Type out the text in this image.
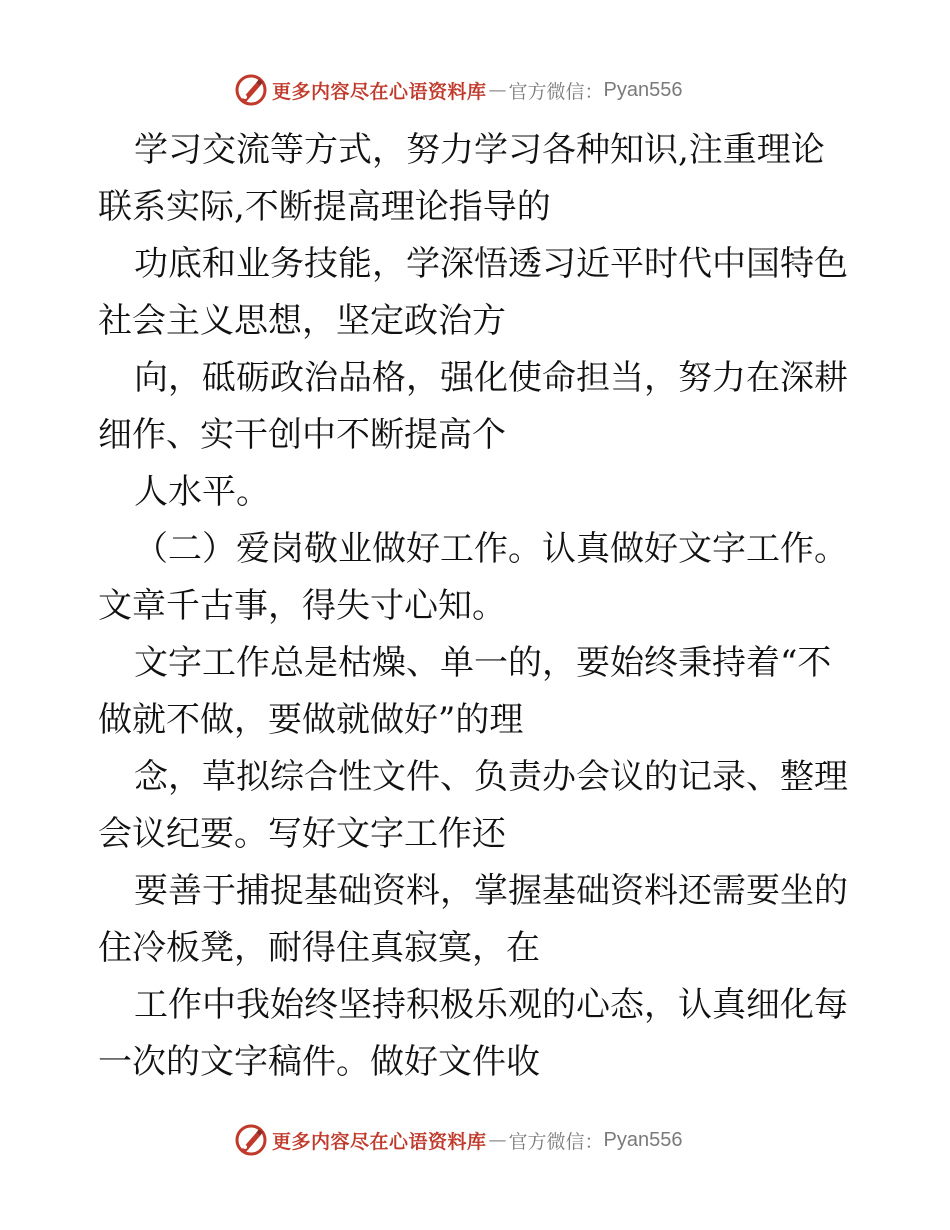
更多内容尽在心语资料库 — 官方微信： Pyan556
学习交流等方式，努力学习各种知识,注重理论
联系实际,不断提高理论指导的
功底和业务技能，学深悟透习近平时代中国特色
社会主义思想，坚定政治方
向，砥砺政治品格，强化使命担当，努力在深耕
细作、实干创中不断提高个
人水平。
（二）爱岗敬业做好工作。认真做好文字工作。
文章千古事，得失寸心知。
文字工作总是枯燥、单一的，要始终秉持着“不
做就不做，要做就做好”的理
念，草拟综合性文件、负责办会议的记录、整理
会议纪要。写好文字工作还
要善于捕捉基础资料，掌握基础资料还需要坐的
住冷板凳，耐得住真寂寞，在
工作中我始终坚持积极乐观的心态，认真细化每
一次的文字稿件。做好文件收
更多内容尽在心语资料库 — 官方微信： Pyan556
